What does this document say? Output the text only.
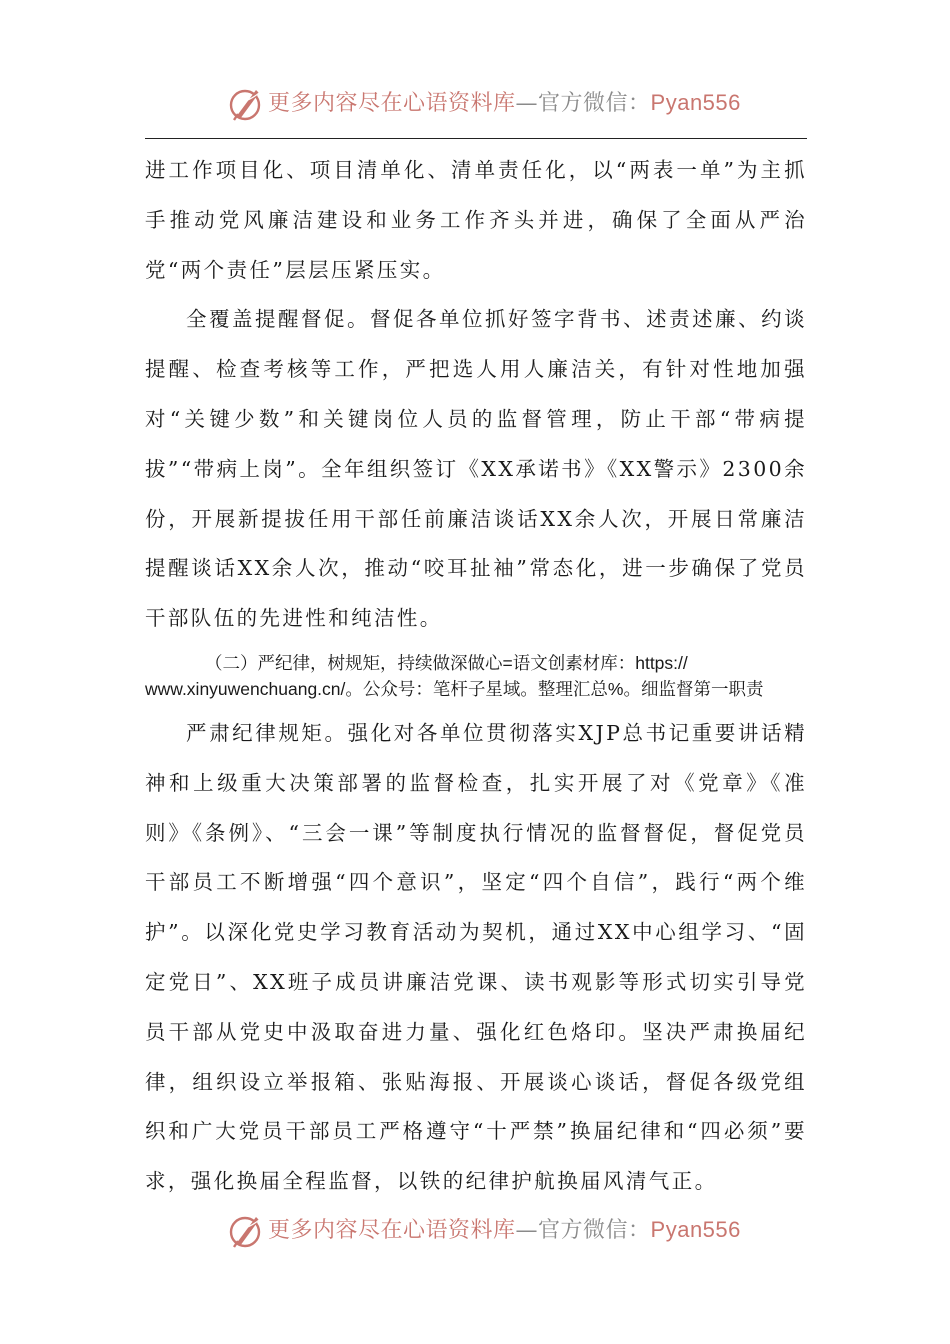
更多内容尽在心语资料库—官方微信：Pyan556

进工作项目化、项目清单化、清单责任化，以“两表一单”为主抓手推动党风廉洁建设和业务工作齐头并进，确保了全面从严治党“两个责任”层层压紧压实。

全覆盖提醒督促。督促各单位抓好签字背书、述责述廉、约谈提醒、检查考核等工作，严把选人用人廉洁关，有针对性地加强对“关键少数”和关键岗位人员的监督管理，防止干部“带病提拔”“带病上岗”。全年组织签订《XX承诺书》《XX警示》2300余份，开展新提拔任用干部任前廉洁谈话XX余人次，开展日常廉洁提醒谈话XX余人次，推动“咬耳扯袖”常态化，进一步确保了党员干部队伍的先进性和纯洁性。

（二）严纪律，树规矩，持续做深做心=语文创素材库：https://
www.xinyuwenchuang.cn/。公众号：笔杆子星域。整理汇总%。细监督第一职责

严肃纪律规矩。强化对各单位贯彻落实XJP总书记重要讲话精神和上级重大决策部署的监督检查，扎实开展了对《党章》《准则》《条例》、“三会一课”等制度执行情况的监督督促，督促党员干部员工不断增强“四个意识”，坚定“四个自信”，践行“两个维护”。以深化党史学习教育活动为契机，通过XX中心组学习、“固定党日”、XX班子成员讲廉洁党课、读书观影等形式切实引导党员干部从党史中汲取奋进力量、强化红色烙印。坚决严肃换届纪律，组织设立举报箱、张贴海报、开展谈心谈话，督促各级党组织和广大党员干部员工严格遵守“十严禁”换届纪律和“四必须”要求，强化换届全程监督，以铁的纪律护航换届风清气正。

更多内容尽在心语资料库—官方微信：Pyan556
